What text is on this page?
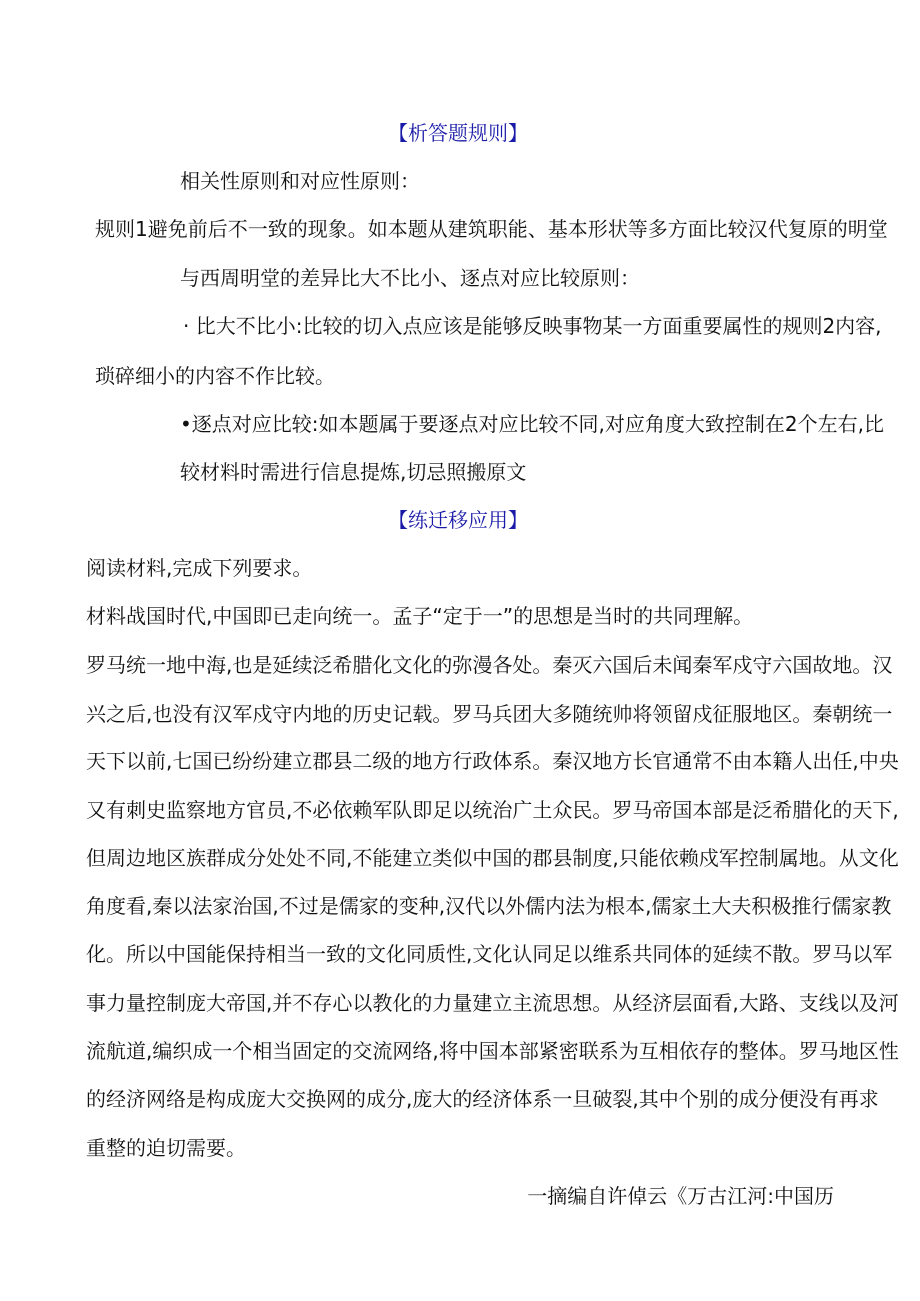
【析答题规则】
相关性原则和对应性原则：
规则1避免前后不一致的现象。如本题从建筑职能、基本形状等多方面比较汉代复原的明堂
与西周明堂的差异比大不比小、逐点对应比较原则：
· 比大不比小:比较的切入点应该是能够反映事物某一方面重要属性的规则2内容,
琐碎细小的内容不作比较。
•逐点对应比较:如本题属于要逐点对应比较不同,对应角度大致控制在2个左右,比
较材料时需进行信息提炼,切忌照搬原文
【练迁移应用】
阅读材料,完成下列要求。
材料战国时代,中国即已走向统一。孟子“定于一”的思想是当时的共同理解。
罗马统一地中海,也是延续泛希腊化文化的弥漫各处。秦灭六国后未闻秦军戍守六国故地。汉
兴之后,也没有汉军戍守内地的历史记载。罗马兵团大多随统帅将领留戍征服地区。秦朝统一
天下以前,七国已纷纷建立郡县二级的地方行政体系。秦汉地方长官通常不由本籍人出任,中央
又有刺史监察地方官员,不必依赖军队即足以统治广土众民。罗马帝国本部是泛希腊化的天下,
但周边地区族群成分处处不同,不能建立类似中国的郡县制度,只能依赖戍军控制属地。从文化
角度看,秦以法家治国,不过是儒家的变种,汉代以外儒内法为根本,儒家土大夫积极推行儒家教
化。所以中国能保持相当一致的文化同质性,文化认同足以维系共同体的延续不散。罗马以军
事力量控制庞大帝国,并不存心以教化的力量建立主流思想。从经济层面看,大路、支线以及河
流航道,编织成一个相当固定的交流网络,将中国本部紧密联系为互相依存的整体。罗马地区性
的经济网络是构成庞大交换网的成分,庞大的经济体系一旦破裂,其中个别的成分便没有再求
重整的迫切需要。
一摘编自许倬云《万古江河:中国历
